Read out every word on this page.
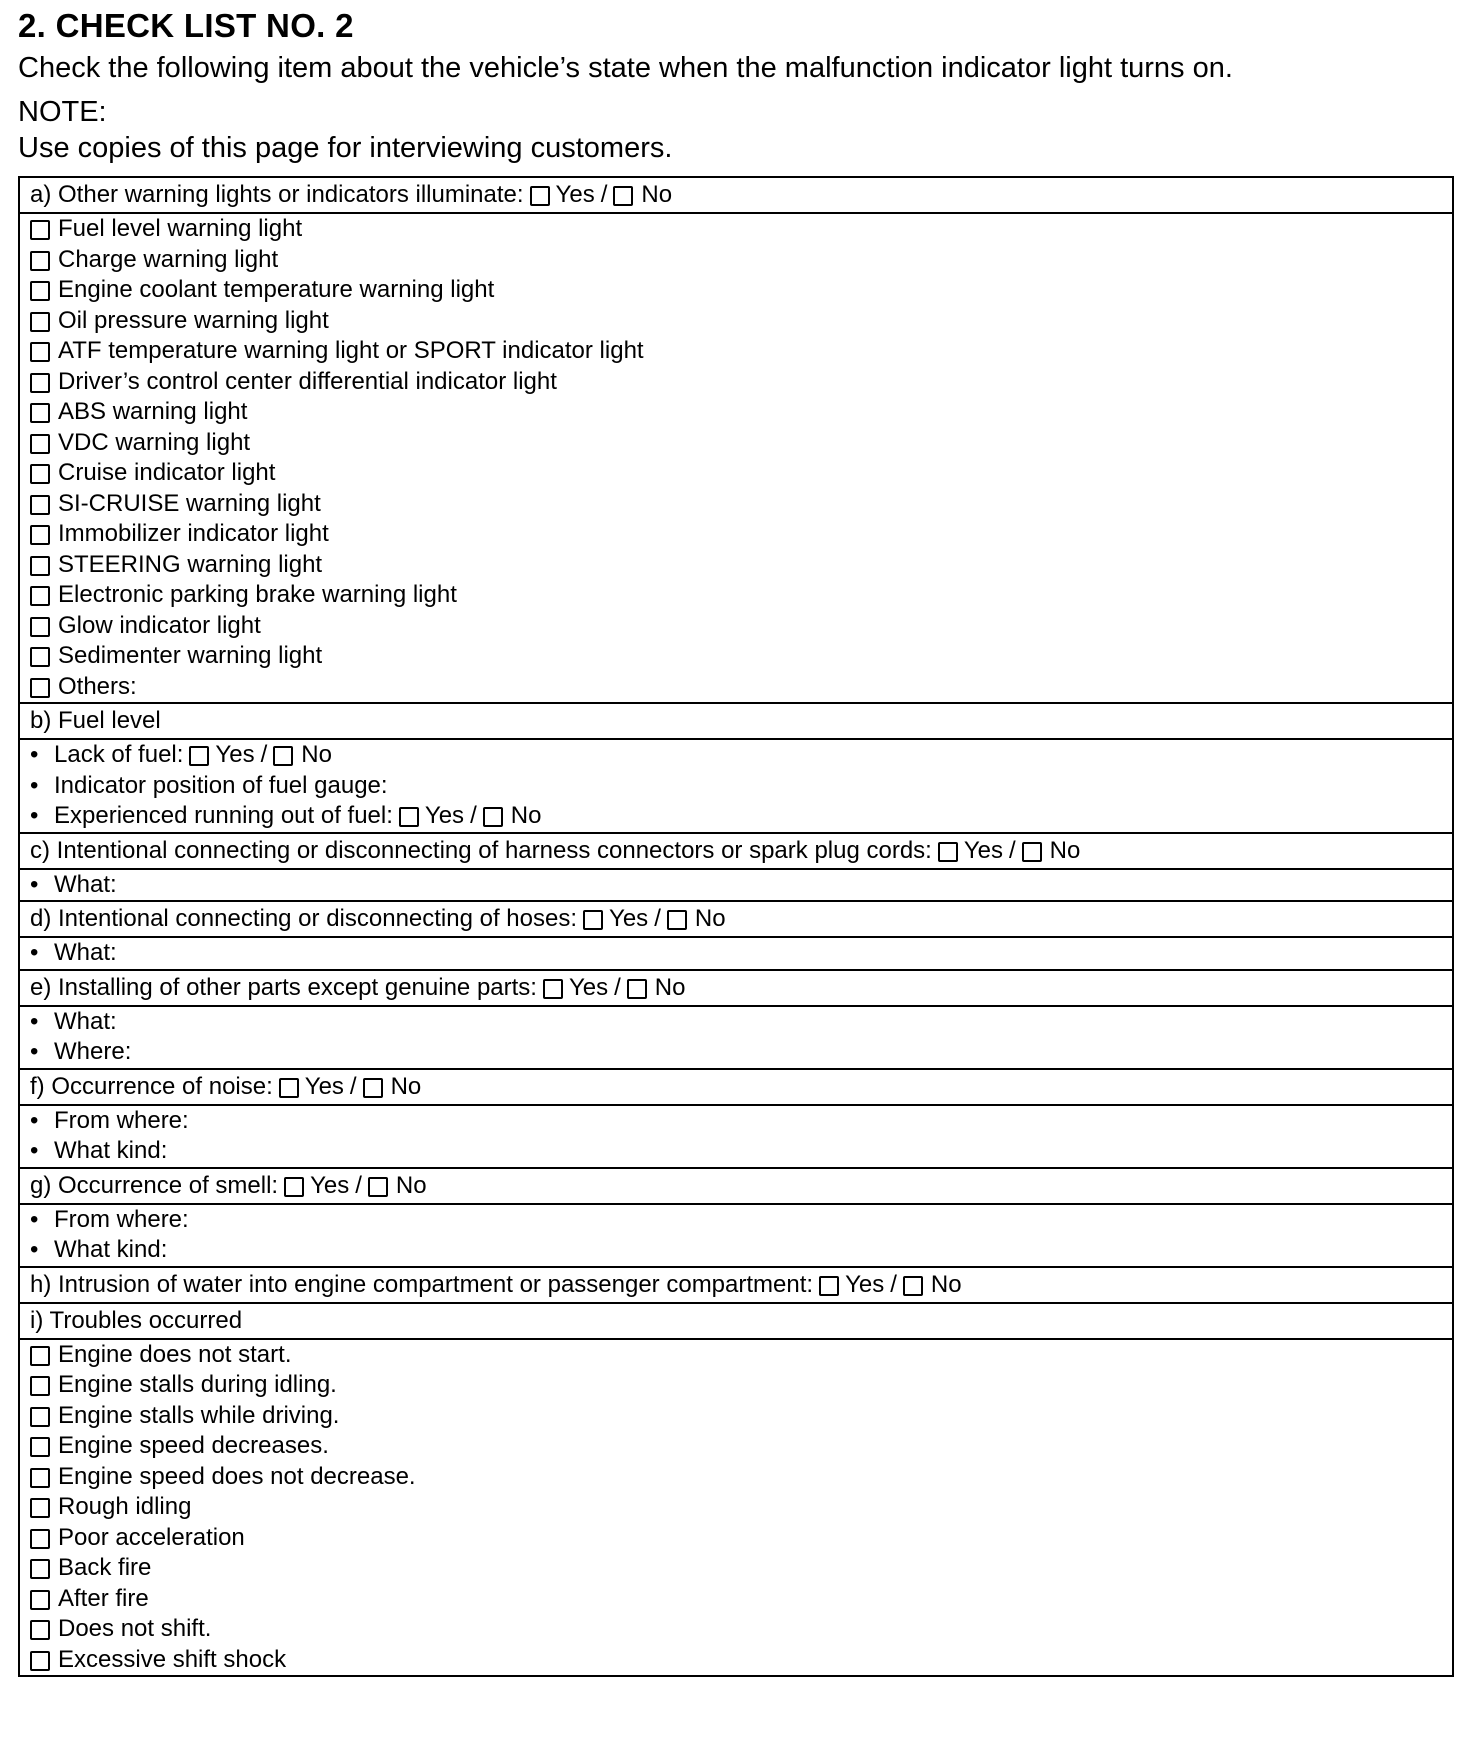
2. CHECK LIST NO. 2

Check the following item about the vehicle’s state when the malfunction indicator light turns on.

NOTE:

Use copies of this page for interviewing customers.

a) Other warning lights or indicators illuminate: Yes / No

Fuel level warning light
Charge warning light
Engine coolant temperature warning light
Oil pressure warning light
ATF temperature warning light or SPORT indicator light
Driver’s control center differential indicator light
ABS warning light
VDC warning light
Cruise indicator light
SI-CRUISE warning light
Immobilizer indicator light
STEERING warning light
Electronic parking brake warning light
Glow indicator light
Sedimenter warning light
Others:

b) Fuel level

• Lack of fuel: Yes / No
• Indicator position of fuel gauge:
• Experienced running out of fuel: Yes / No

c) Intentional connecting or disconnecting of harness connectors or spark plug cords: Yes / No

• What:

d) Intentional connecting or disconnecting of hoses: Yes / No

• What:

e) Installing of other parts except genuine parts: Yes / No

• What:
• Where:

f) Occurrence of noise: Yes / No

• From where:
• What kind:

g) Occurrence of smell: Yes / No

• From where:
• What kind:

h) Intrusion of water into engine compartment or passenger compartment: Yes / No
i) Troubles occurred

Engine does not start.
Engine stalls during idling.
Engine stalls while driving.
Engine speed decreases.
Engine speed does not decrease.
Rough idling
Poor acceleration
Back fire
After fire
Does not shift.
Excessive shift shock
